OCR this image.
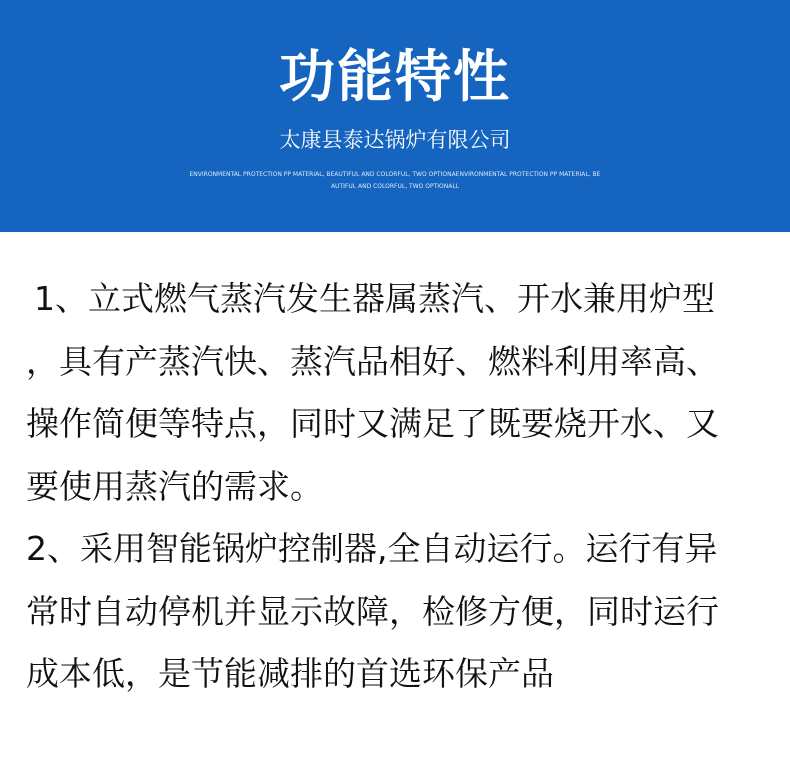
功能特性
太康县泰达锅炉有限公司
ENVIRONMENTAL PROTECTION PP MATERIAL, BEAUTIFUL AND COLORFUL, TWO OPTIONAENVIRONMENTAL PROTECTION PP MATERIAL, BE
AUTIFUL AND COLORFUL, TWO OPTIONALL

1、立式燃气蒸汽发生器属蒸汽、开水兼用炉型

，具有产蒸汽快、蒸汽品相好、燃料利用率高、

操作简便等特点，同时又满足了既要烧开水、又

要使用蒸汽的需求。

2、采用智能锅炉控制器,全自动运行。运行有异

常时自动停机并显示故障，检修方便，同时运行

成本低，是节能减排的首选环保产品
